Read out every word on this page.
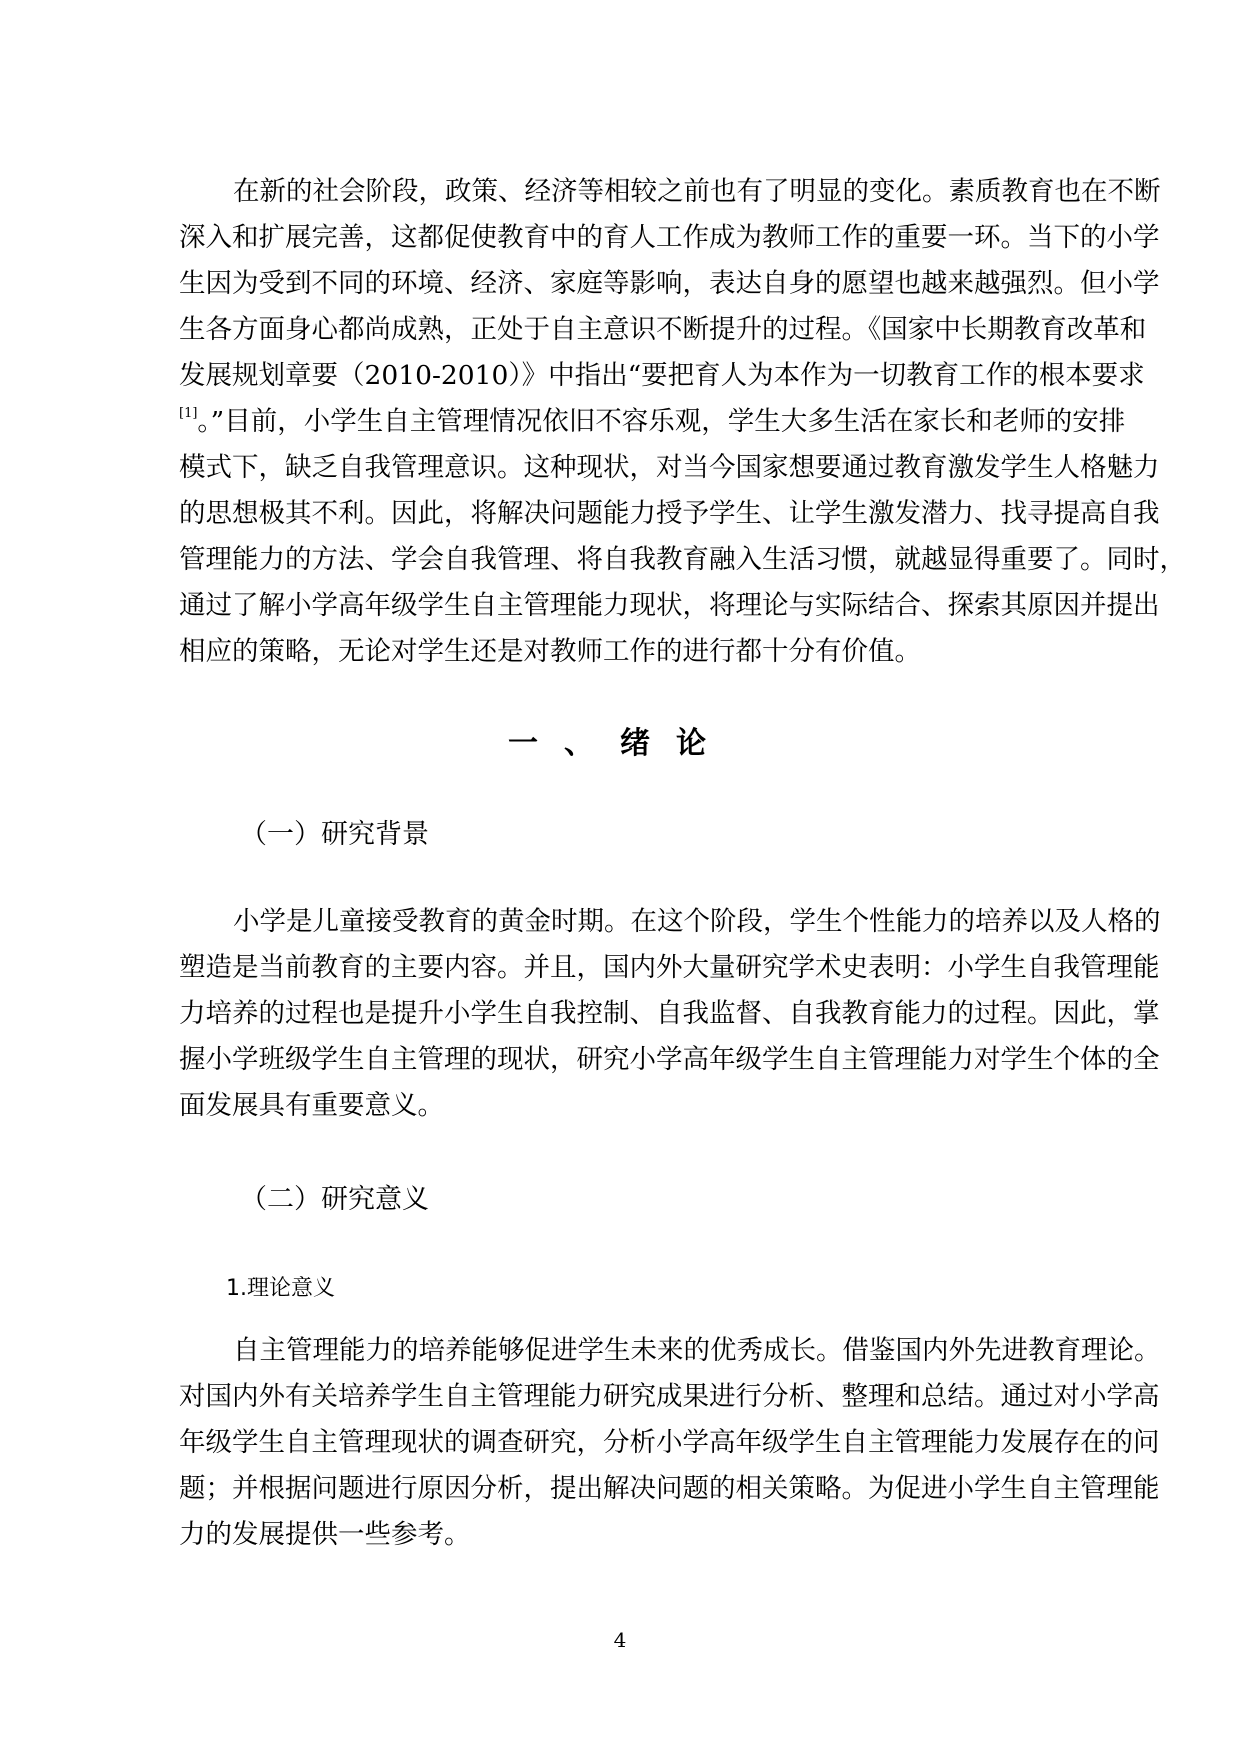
在新的社会阶段，政策、经济等相较之前也有了明显的变化。素质教育也在不断
深入和扩展完善，这都促使教育中的育人工作成为教师工作的重要一环。当下的小学
生因为受到不同的环境、经济、家庭等影响，表达自身的愿望也越来越强烈。但小学
生各方面身心都尚成熟，正处于自主意识不断提升的过程。《国家中长期教育改革和
发展规划章要（2010-2010）》中指出“要把育人为本作为一切教育工作的根本要求
[1]。”目前，小学生自主管理情况依旧不容乐观，学生大多生活在家长和老师的安排
模式下，缺乏自我管理意识。这种现状，对当今国家想要通过教育激发学生人格魅力
的思想极其不利。因此，将解决问题能力授予学生、让学生激发潜力、找寻提高自我
管理能力的方法、学会自我管理、将自我教育融入生活习惯，就越显得重要了。同时，
通过了解小学高年级学生自主管理能力现状，将理论与实际结合、探索其原因并提出
相应的策略，无论对学生还是对教师工作的进行都十分有价值。
一、绪论
（一）研究背景
小学是儿童接受教育的黄金时期。在这个阶段，学生个性能力的培养以及人格的
塑造是当前教育的主要内容。并且，国内外大量研究学术史表明：小学生自我管理能
力培养的过程也是提升小学生自我控制、自我监督、自我教育能力的过程。因此，掌
握小学班级学生自主管理的现状，研究小学高年级学生自主管理能力对学生个体的全
面发展具有重要意义。
（二）研究意义
1.理论意义
自主管理能力的培养能够促进学生未来的优秀成长。借鉴国内外先进教育理论。
对国内外有关培养学生自主管理能力研究成果进行分析、整理和总结。通过对小学高
年级学生自主管理现状的调查研究，分析小学高年级学生自主管理能力发展存在的问
题；并根据问题进行原因分析，提出解决问题的相关策略。为促进小学生自主管理能
力的发展提供一些参考。
4
